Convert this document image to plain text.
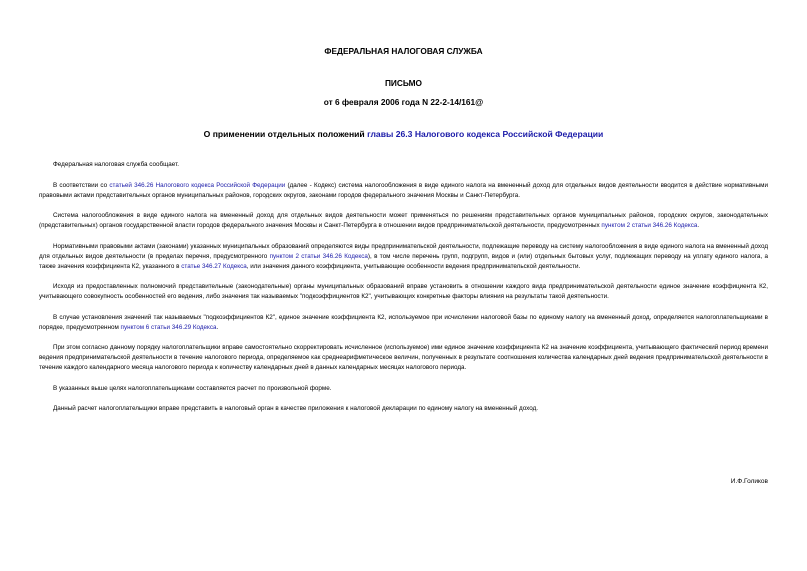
ФЕДЕРАЛЬНАЯ НАЛОГОВАЯ СЛУЖБА
ПИСЬМО
от 6 февраля 2006 года N 22-2-14/161@
О применении отдельных положений главы 26.3 Налогового кодекса Российской Федерации

Федеральная налоговая служба сообщает.

В соответствии со статьей 346.26 Налогового кодекса Российской Федерации (далее - Кодекс) система налогообложения в виде единого налога на вмененный доход для отдельных видов деятельности вводится в действие нормативными правовыми актами представительных органов муниципальных районов, городских округов, законами городов федерального значения Москвы и Санкт-Петербурга.

Система налогообложения в виде единого налога на вмененный доход для отдельных видов деятельности может применяться по решениям представительных органов муниципальных районов, городских округов, законодательных (представительных) органов государственной власти городов федерального значения Москвы и Санкт-Петербурга в отношении видов предпринимательской деятельности, предусмотренных пунктом 2 статьи 346.26 Кодекса.

Нормативными правовыми актами (законами) указанных муниципальных образований определяются виды предпринимательской деятельности, подлежащие переводу на систему налогообложения в виде единого налога на вмененный доход для отдельных видов деятельности (в пределах перечня, предусмотренного пунктом 2 статьи 346.26 Кодекса), в том числе перечень групп, подгрупп, видов и (или) отдельных бытовых услуг, подлежащих переводу на уплату единого налога, а также значения коэффициента К2, указанного в статье 346.27 Кодекса, или значения данного коэффициента, учитывающие особенности ведения предпринимательской деятельности.

Исходя из предоставленных полномочий представительные (законодательные) органы муниципальных образований вправе установить в отношении каждого вида предпринимательской деятельности единое значение коэффициента К2, учитывающего совокупность особенностей его ведения, либо значения так называемых "подкоэффициентов К2", учитывающих конкретные факторы влияния на результаты такой деятельности.

В случае установления значений так называемых "подкоэффициентов К2", единое значение коэффициента К2, используемое при исчислении налоговой базы по единому налогу на вмененный доход, определяется налогоплательщиками в порядке, предусмотренном пунктом 6 статьи 346.29 Кодекса.

При этом согласно данному порядку налогоплательщики вправе самостоятельно скорректировать исчисленное (используемое) ими единое значение коэффициента К2 на значение коэффициента, учитывающего фактический период времени ведения предпринимательской деятельности в течение налогового периода, определяемое как среднеарифметическое величин, полученных в результате соотношения количества календарных дней ведения предпринимательской деятельности в течение каждого календарного месяца налогового периода к количеству календарных дней в данных календарных месяцах налогового периода.

В указанных выше целях налогоплательщиками составляется расчет по произвольной форме.

Данный расчет налогоплательщики вправе представить в налоговый орган в качестве приложения к налоговой декларации по единому налогу на вмененный доход.

И.Ф.Голиков
